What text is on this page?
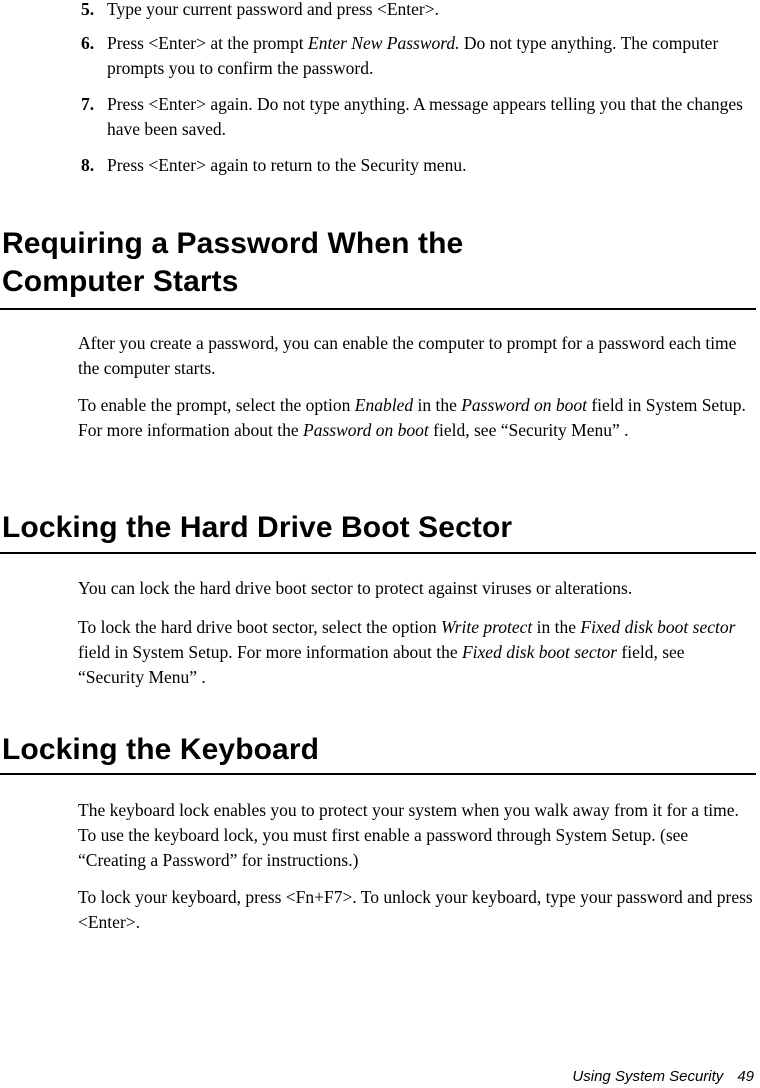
5. Type your current password and press <Enter>.
6. Press <Enter> at the prompt Enter New Password. Do not type anything. The computer prompts you to confirm the password.
7. Press <Enter> again. Do not type anything. A message appears telling you that the changes have been saved.
8. Press <Enter> again to return to the Security menu.
Requiring a Password When the
Computer Starts
After you create a password, you can enable the computer to prompt for a password each time the computer starts.
To enable the prompt, select the option Enabled in the Password on boot field in System Setup. For more information about the Password on boot field, see “Security Menu” .
Locking the Hard Drive Boot Sector
You can lock the hard drive boot sector to protect against viruses or alterations.
To lock the hard drive boot sector, select the option Write protect in the Fixed disk boot sector field in System Setup. For more information about the Fixed disk boot sector field, see “Security Menu” .
Locking the Keyboard
The keyboard lock enables you to protect your system when you walk away from it for a time. To use the keyboard lock, you must first enable a password through System Setup. (see “Creating a Password” for instructions.)
To lock your keyboard, press <Fn+F7>. To unlock your keyboard, type your password and press <Enter>.
Using System Security 49
